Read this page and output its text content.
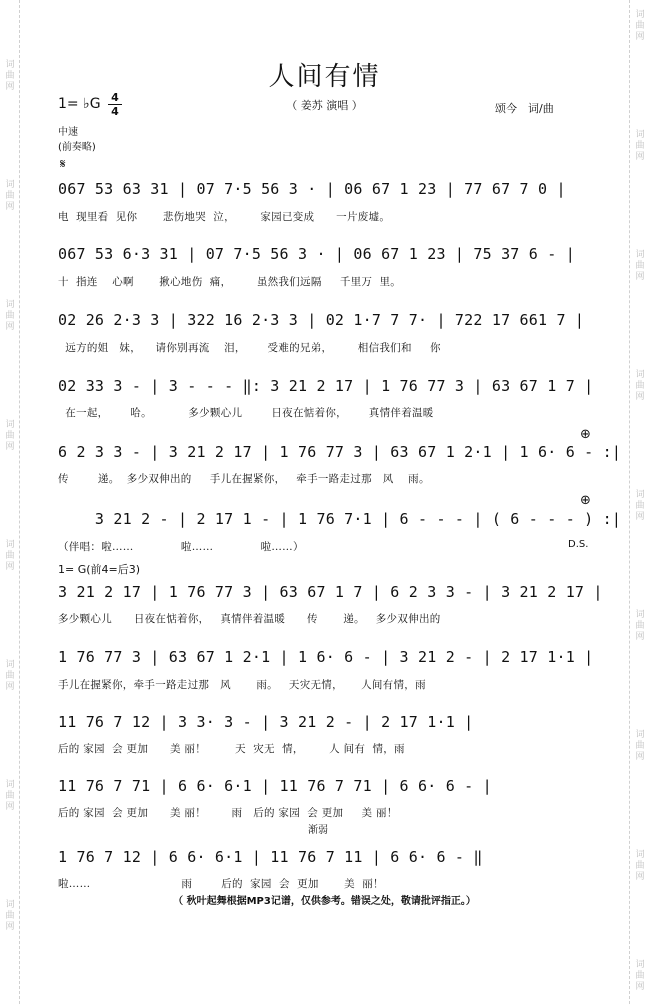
词曲网
词曲网
词曲网
词曲网
词曲网
词曲网
词曲网
词曲网
词曲网
词曲网
词曲网
词曲网
词曲网
词曲网
词曲网
词曲网
词曲网
人间有情
（ 姜苏 演唱 ）
1= ♭G 4
4	颂今　词/曲
中速
(前奏略)
𝄋
067 53 63 31 | 07 7·5 56 3 · | 06 67 1 23 | 77 67 7 0 |
电  现里看  见你       悲伤地哭  泣，       家园已变成      一片废墟。
067 53 6·3 31 | 07 7·5 56 3 · | 06 67 1 23 | 75 37 6 - |
十  指连    心啊       揪心地伤  痛，       虽然我们远隔     千里万  里。
02 26 2·3 3 | 322 16 2·3 3 | 02 1·7 7 7· | 722 17 661 7 |
远方的姐   妹，    请你别再流    泪，      受难的兄弟，       相信我们和     你
02 33 3 - | 3 - - - ‖: 3 21 2 17 | 1 76 77 3 | 63 67 1 7 |
在一起，      哈。          多少颗心儿        日夜在惦着你，      真情伴着温暖
6 2 3 3 - | 3 21 2 17 | 1 76 77 3 | 63 67 1 2·1 | 1 6· 6 - :|
传        递。  多少双伸出的     手儿在握紧你，   牵手一路走过那   风    雨。
⊕
3 21 2 - | 2 17 1 - | 1 76 7·1 | 6 - - - | ( 6 - - - ) :|
（伴唱：啦……             啦……             啦……）
⊕
D.S.
1= G(前4=后3)
3 21 2 17 | 1 76 77 3 | 63 67 1 7 | 6 2 3 3 - | 3 21 2 17 |
多少颗心儿      日夜在惦着你，   真情伴着温暖      传       递。   多少双伸出的
1 76 77 3 | 63 67 1 2·1 | 1 6· 6 - | 3 21 2 - | 2 17 1·1 |
手儿在握紧你，牵手一路走过那   风       雨。   天灾无情，     人间有情，雨
11 76 7 12 | 3 3· 3 - | 3 21 2 - | 2 17 1·1 |
后的 家园  会 更加      美 丽！        天  灾无  情，       人 间有  情，雨
11 76 7 71 | 6 6· 6·1 | 11 76 7 71 | 6 6· 6 - |
后的 家园  会 更加      美 丽！       雨   后的 家园  会 更加     美 丽！
渐弱
1 76 7 12 | 6 6· 6·1 | 11 76 7 11 | 6 6· 6 - ‖
啦……                         雨        后的  家园  会  更加       美  丽！
（ 秋叶起舞根据MP3记谱，仅供参考。错误之处，敬请批评指正。）
